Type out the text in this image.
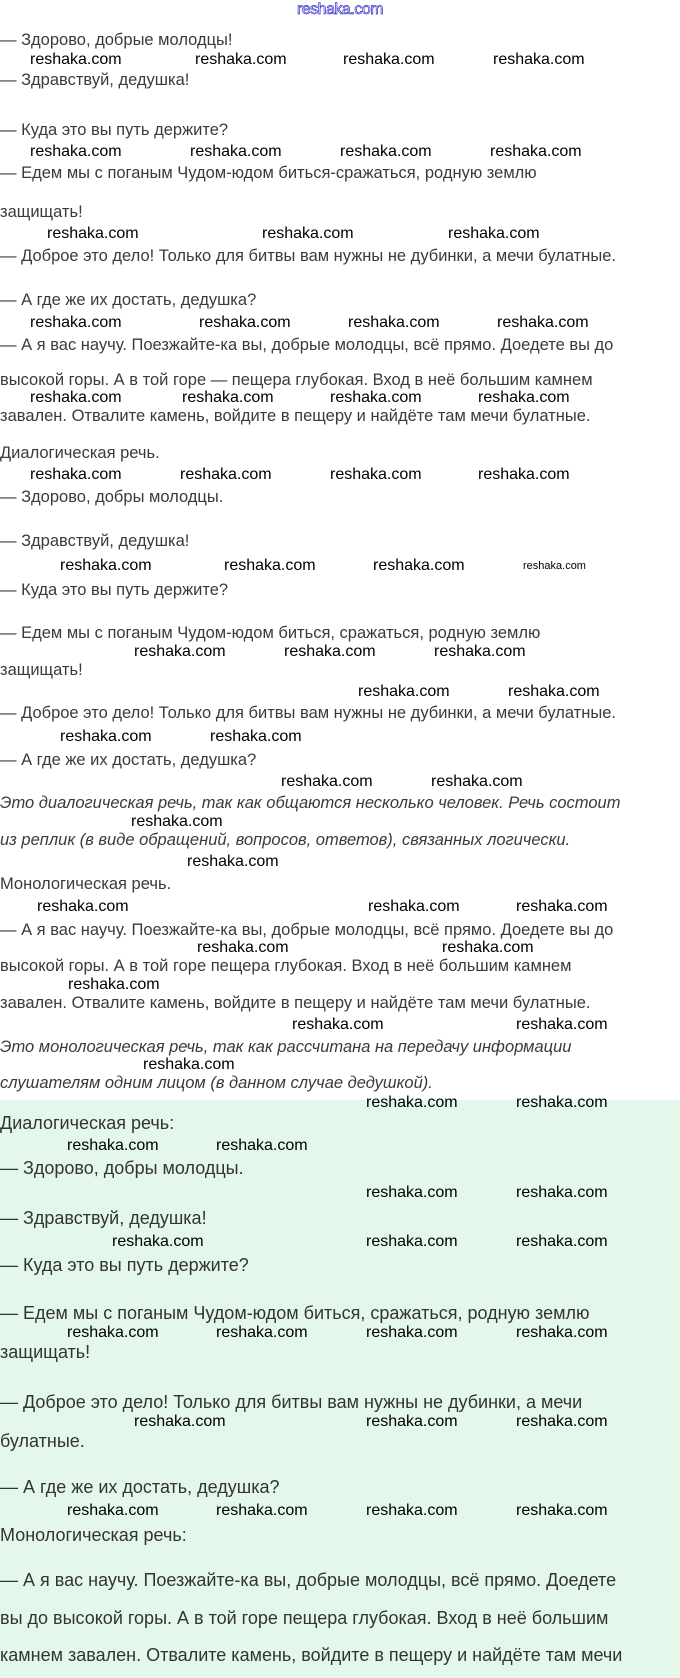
reshaka.com
— Здорово, добрые молодцы!
— Здравствуй, дедушка!
— Куда это вы путь держите?
— Едем мы с поганым Чудом-юдом биться-сражаться, родную землю
защищать!
— Доброе это дело! Только для битвы вам нужны не дубинки, а мечи булатные.
— А где же их достать, дедушка?
— А я вас научу. Поезжайте-ка вы, добрые молодцы, всё прямо. Доедете вы до
высокой горы. А в той горе — пещера глубокая. Вход в неё большим камнем
завален. Отвалите камень, войдите в пещеру и найдёте там мечи булатные.
Диалогическая речь.
— Здорово, добры молодцы.
— Здравствуй, дедушка!
— Куда это вы путь держите?
— Едем мы с поганым Чудом-юдом биться, сражаться, родную землю
защищать!
— Доброе это дело! Только для битвы вам нужны не дубинки, а мечи булатные.
— А где же их достать, дедушка?
Это диалогическая речь, так как общаются несколько человек. Речь состоит
из реплик (в виде обращений, вопросов, ответов), связанных логически.
Монологическая речь.
— А я вас научу. Поезжайте-ка вы, добрые молодцы, всё прямо. Доедете вы до
высокой горы. А в той горе пещера глубокая. Вход в неё большим камнем
завален. Отвалите камень, войдите в пещеру и найдёте там мечи булатные.
Это монологическая речь, так как рассчитана на передачу информации
слушателям одним лицом (в данном случае дедушкой).
Диалогическая речь:
— Здорово, добры молодцы.
— Здравствуй, дедушка!
— Куда это вы путь держите?
— Едем мы с поганым Чудом-юдом биться, сражаться, родную землю
защищать!
— Доброе это дело! Только для битвы вам нужны не дубинки, а мечи
булатные.
— А где же их достать, дедушка?
Монологическая речь:
— А я вас научу. Поезжайте-ка вы, добрые молодцы, всё прямо. Доедете
вы до высокой горы. А в той горе пещера глубокая. Вход в неё большим
камнем завален. Отвалите камень, войдите в пещеру и найдёте там мечи
reshaka.com	reshaka.com	reshaka.com	reshaka.com
reshaka.com	reshaka.com	reshaka.com	reshaka.com
reshaka.com	reshaka.com	reshaka.com
reshaka.com	reshaka.com	reshaka.com	reshaka.com
reshaka.com	reshaka.com	reshaka.com	reshaka.com
reshaka.com	reshaka.com	reshaka.com	reshaka.com
reshaka.com	reshaka.com	reshaka.com
reshaka.com
reshaka.com	reshaka.com	reshaka.com
reshaka.com
reshaka.com	reshaka.com
reshaka.com
reshaka.com
reshaka.com	reshaka.com
reshaka.com
reshaka.com	reshaka.com
reshaka.com
reshaka.com	reshaka.com
reshaka.com
reshaka.com	reshaka.com
reshaka.com
reshaka.com	reshaka.com
reshaka.com	reshaka.com
reshaka.com	reshaka.com
reshaka.com	reshaka.com	reshaka.com
reshaka.com	reshaka.com	reshaka.com	reshaka.com
reshaka.com	reshaka.com	reshaka.com
reshaka.com	reshaka.com	reshaka.com	reshaka.com
